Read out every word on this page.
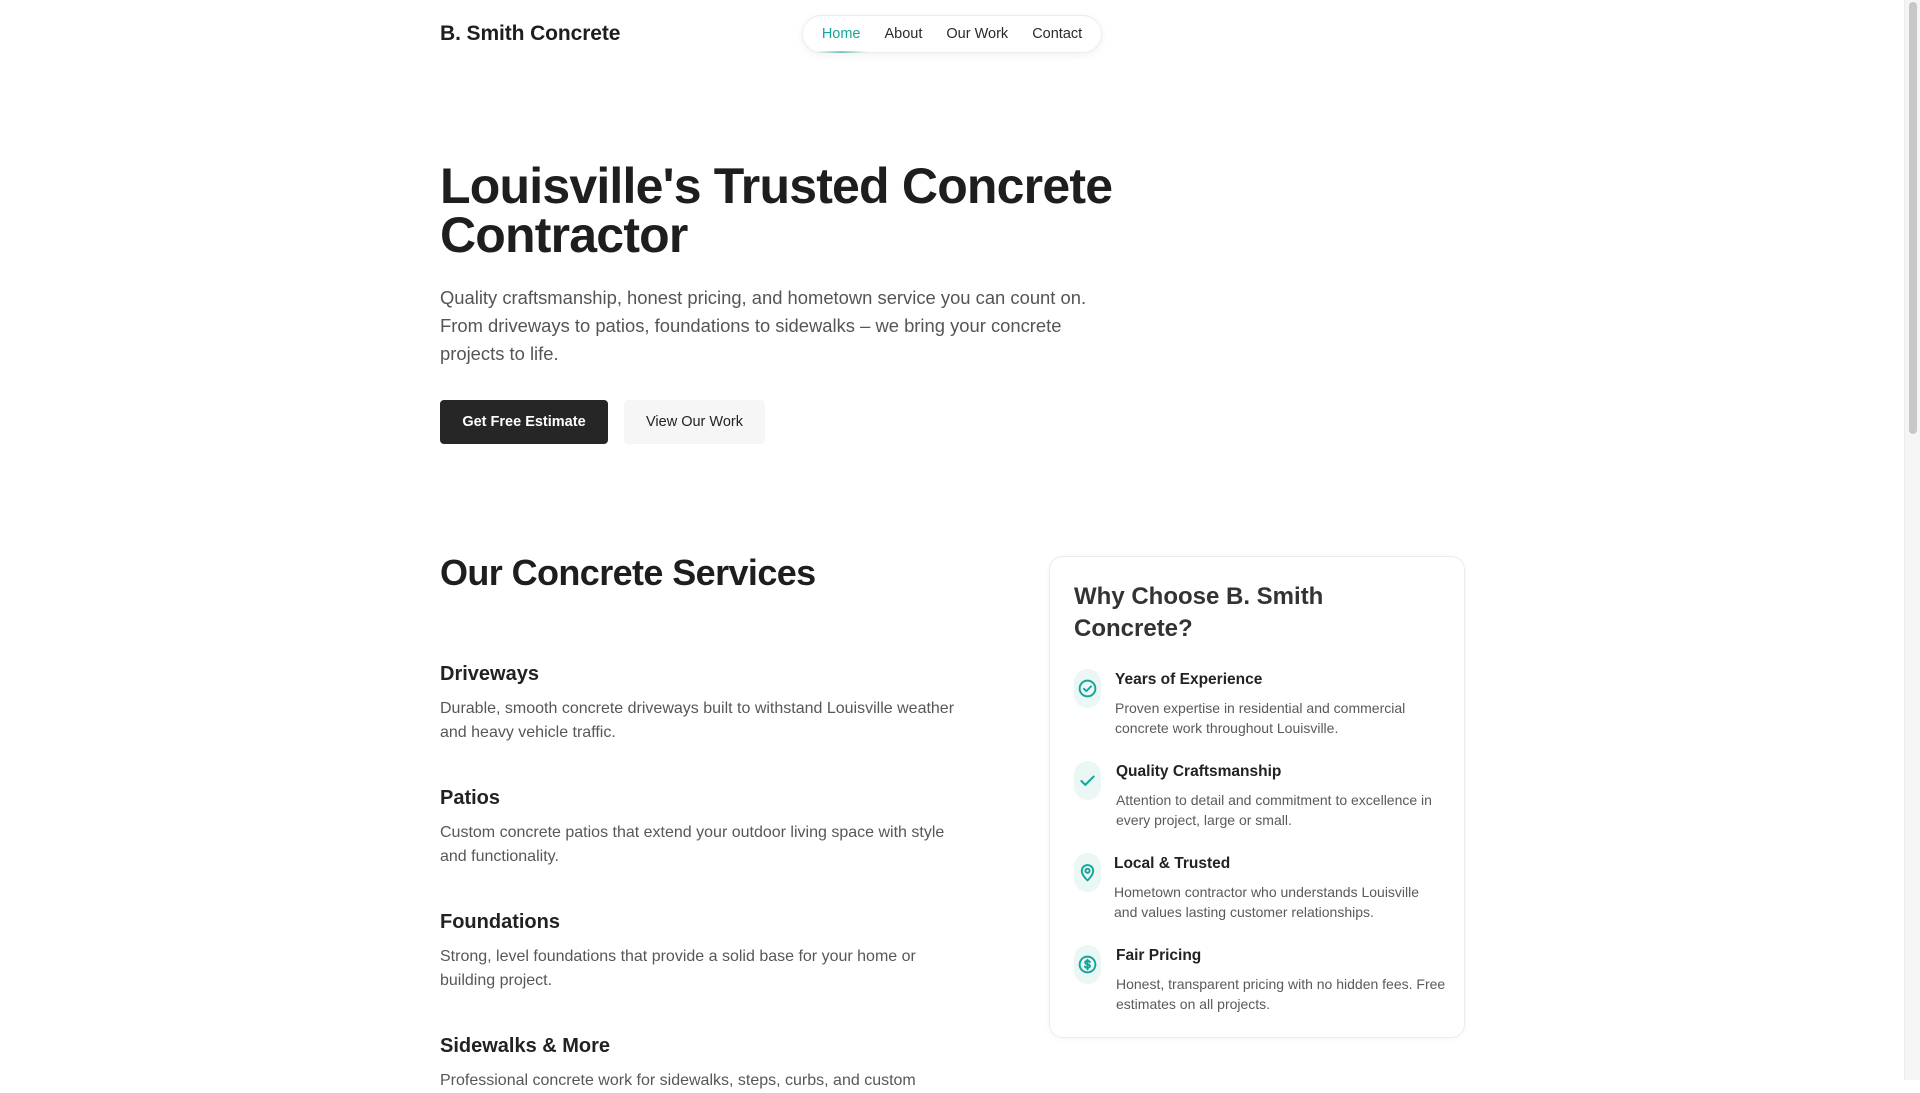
B. Smith Concrete	Home About Our Work Contact
Louisville's Trusted Concrete Contractor

Quality craftsmanship, honest pricing, and hometown service you can count on. From driveways to patios, foundations to sidewalks – we bring your concrete projects to life.

Get Free Estimate	View Our Work
Our Concrete Services
Driveways

Durable, smooth concrete driveways built to withstand Louisville weather and heavy vehicle traffic.

Patios

Custom concrete patios that extend your outdoor living space with style and functionality.

Foundations

Strong, level foundations that provide a solid base for your home or building project.

Sidewalks & More

Professional concrete work for sidewalks, steps, curbs, and custom

Why Choose B. Smith Concrete?
Years of Experience

Proven expertise in residential and commercial concrete work throughout Louisville.

Quality Craftsmanship

Attention to detail and commitment to excellence in every project, large or small.

Local & Trusted

Hometown contractor who understands Louisville and values lasting customer relationships.

Fair Pricing

Honest, transparent pricing with no hidden fees. Free estimates on all projects.
